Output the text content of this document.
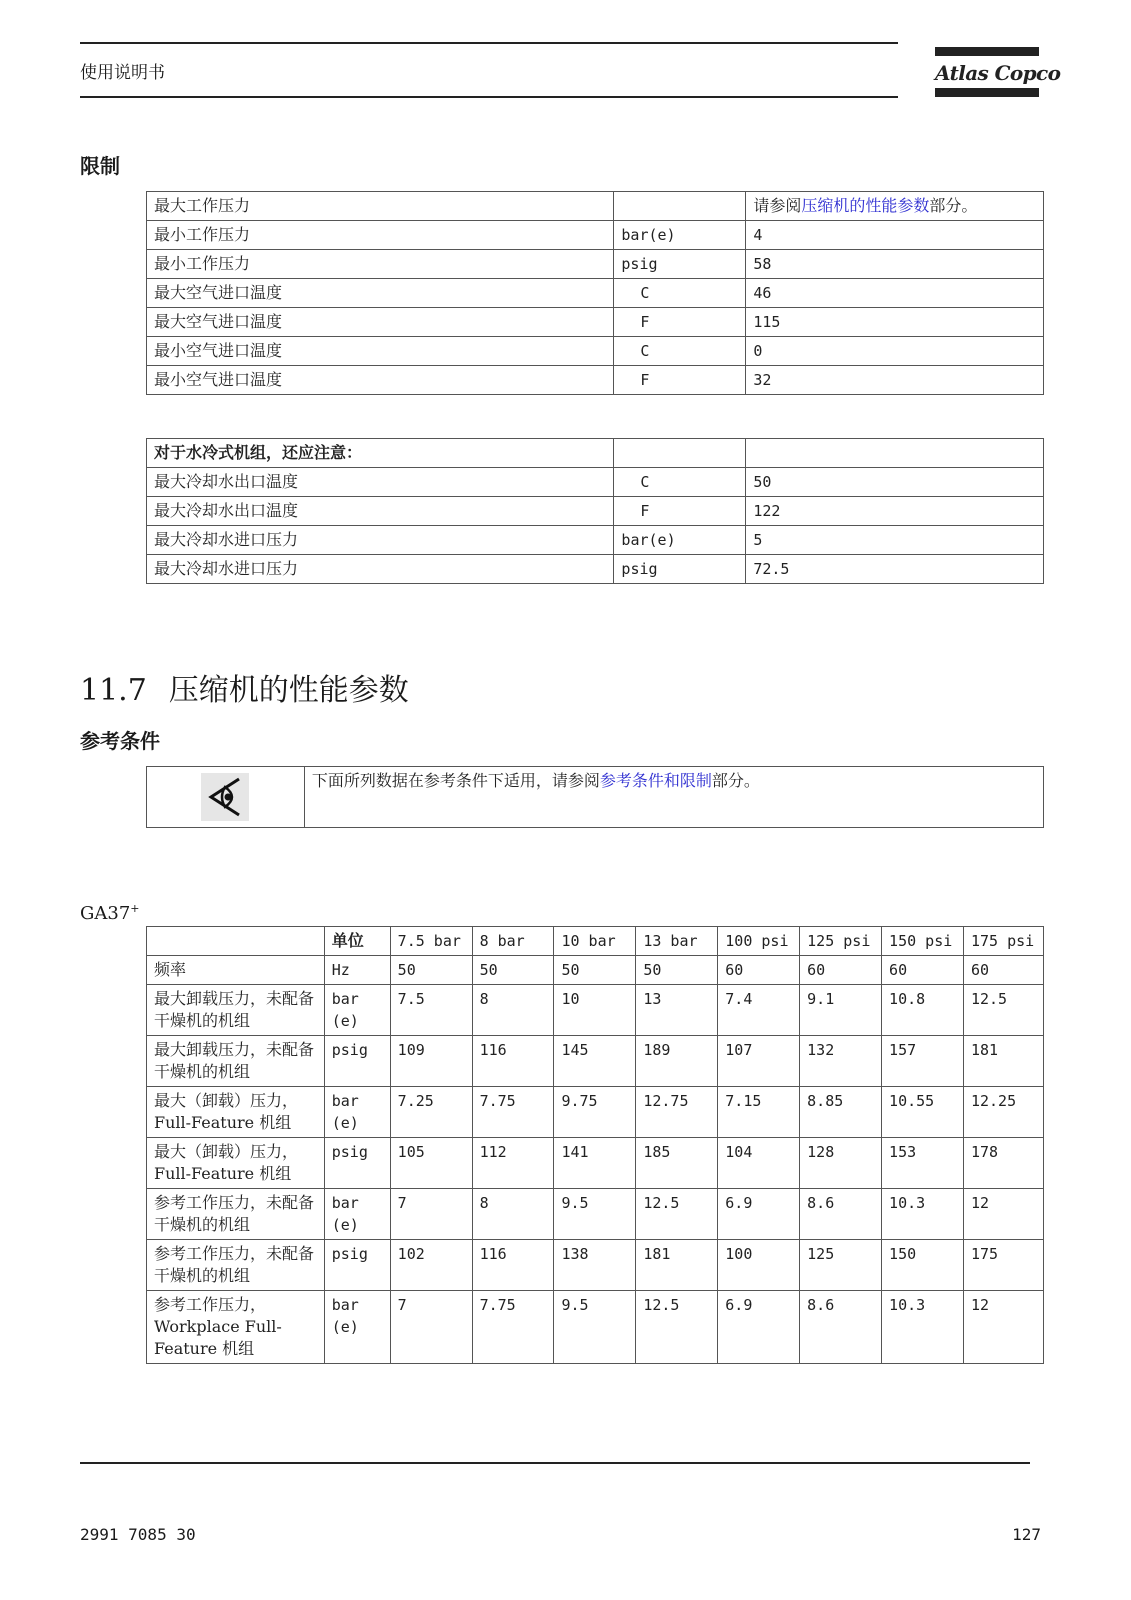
使用说明书	Atlas Copco
限制
最大工作压力		请参阅压缩机的性能参数部分。
最小工作压力	bar(e)	4
最小工作压力	psig	58
最大空气进口温度	C	46
最大空气进口温度	F	115
最小空气进口温度	C	0
最小空气进口温度	F	32
对于水冷式机组，还应注意：		
最大冷却水出口温度	C	50
最大冷却水出口温度	F	122
最大冷却水进口压力	bar(e)	5
最大冷却水进口压力	psig	72.5
11.7 压缩机的性能参数
参考条件
	下面所列数据在参考条件下适用，请参阅参考条件和限制部分。
GA37+
	单位	7.5 bar	8 bar	10 bar	13 bar	100 psi	125 psi	150 psi	175 psi
频率	Hz	50	50	50	50	60	60	60	60
最大卸载压力，未配备干燥机的机组	bar(e)	7.5	8	10	13	7.4	9.1	10.8	12.5
最大卸载压力，未配备干燥机的机组	psig	109	116	145	189	107	132	157	181
最大（卸载）压力，Full-Feature 机组	bar(e)	7.25	7.75	9.75	12.75	7.15	8.85	10.55	12.25
最大（卸载）压力，Full-Feature 机组	psig	105	112	141	185	104	128	153	178
参考工作压力，未配备干燥机的机组	bar(e)	7	8	9.5	12.5	6.9	8.6	10.3	12
参考工作压力，未配备干燥机的机组	psig	102	116	138	181	100	125	150	175
参考工作压力，Workplace Full-Feature 机组	bar(e)	7	7.75	9.5	12.5	6.9	8.6	10.3	12
2991 7085 30	127
